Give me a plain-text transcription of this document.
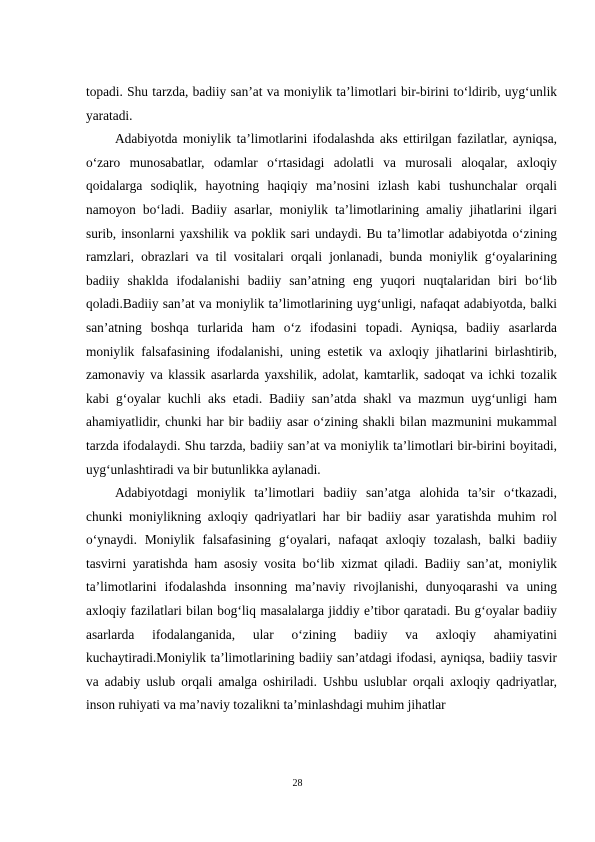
topadi. Shu tarzda, badiiy san’at va moniylik ta’limotlari bir-birini to‘ldirib, uyg‘unlik yaratadi.

Adabiyotda moniylik ta’limotlarini ifodalashda aks ettirilgan fazilatlar, ayniqsa, o‘zaro munosabatlar, odamlar o‘rtasidagi adolatli va murosali aloqalar, axloqiy qoidalarga sodiqlik, hayotning haqiqiy ma’nosini izlash kabi tushunchalar orqali namoyon bo‘ladi. Badiiy asarlar, moniylik ta’limotlarining amaliy jihatlarini ilgari surib, insonlarni yaxshilik va poklik sari undaydi. Bu ta’limotlar adabiyotda o‘zining ramzlari, obrazlari va til vositalari orqali jonlanadi, bunda moniylik g‘oyalarining badiiy shaklda ifodalanishi badiiy san’atning eng yuqori nuqtalaridan biri bo‘lib qoladi.Badiiy san’at va moniylik ta’limotlarining uyg‘unligi, nafaqat adabiyotda, balki san’atning boshqa turlarida ham o‘z ifodasini topadi. Ayniqsa, badiiy asarlarda moniylik falsafasining ifodalanishi, uning estetik va axloqiy jihatlarini birlashtirib, zamonaviy va klassik asarlarda yaxshilik, adolat, kamtarlik, sadoqat va ichki tozalik kabi g‘oyalar kuchli aks etadi. Badiiy san’atda shakl va mazmun uyg‘unligi ham ahamiyatlidir, chunki har bir badiiy asar o‘zining shakli bilan mazmunini mukammal tarzda ifodalaydi. Shu tarzda, badiiy san’at va moniylik ta’limotlari bir-birini boyitadi, uyg‘unlashtiradi va bir butunlikka aylanadi.

Adabiyotdagi moniylik ta’limotlari badiiy san’atga alohida ta’sir o‘tkazadi, chunki moniylikning axloqiy qadriyatlari har bir badiiy asar yaratishda muhim rol o‘ynaydi. Moniylik falsafasining g‘oyalari, nafaqat axloqiy tozalash, balki badiiy tasvirni yaratishda ham asosiy vosita bo‘lib xizmat qiladi. Badiiy san’at, moniylik ta’limotlarini ifodalashda insonning ma’naviy rivojlanishi, dunyoqarashi va uning axloqiy fazilatlari bilan bog‘liq masalalarga jiddiy e’tibor qaratadi. Bu g‘oyalar badiiy asarlarda ifodalanganida, ular o‘zining badiiy va axloqiy ahamiyatini kuchaytiradi.Moniylik ta’limotlarining badiiy san’atdagi ifodasi, ayniqsa, badiiy tasvir va adabiy uslub orqali amalga oshiriladi. Ushbu uslublar orqali axloqiy qadriyatlar, inson ruhiyati va ma’naviy tozalikni ta’minlashdagi muhim jihatlar

28
